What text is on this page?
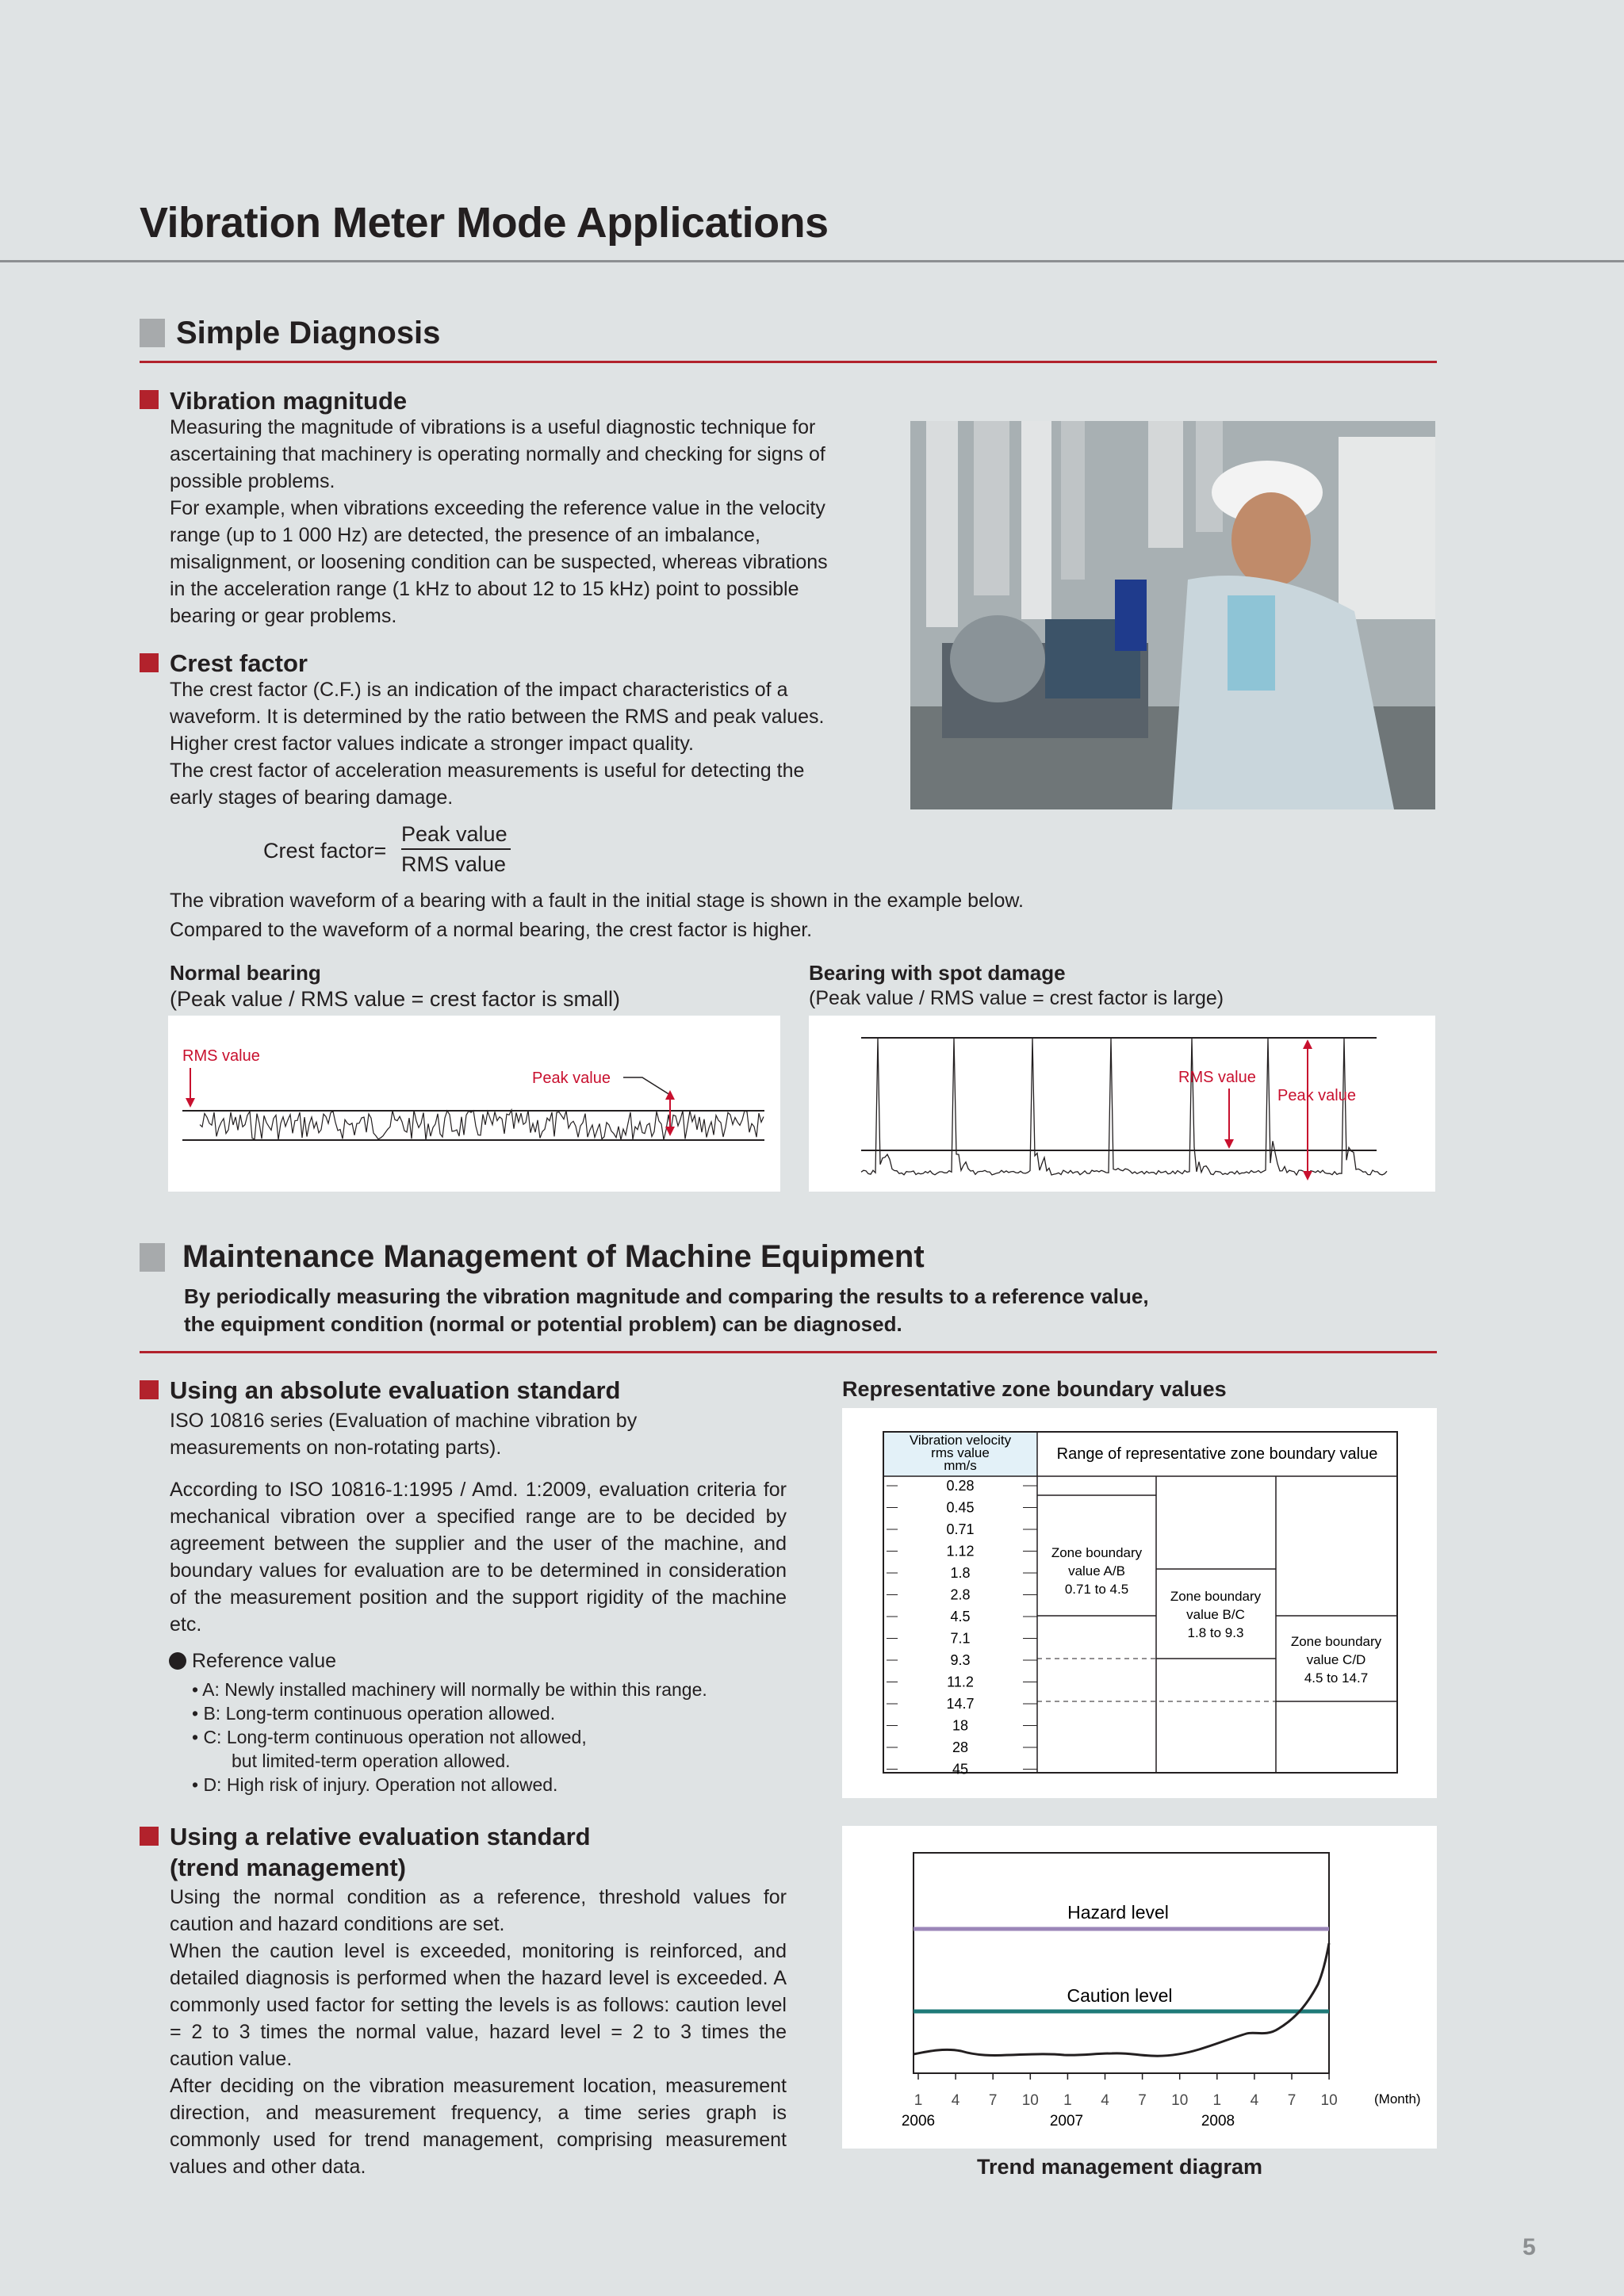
Vibration Meter Mode Applications
Simple Diagnosis
Vibration magnitude
Measuring the magnitude of vibrations is a useful diagnostic technique for
ascertaining that machinery is operating normally and checking for signs of
possible problems.
For example, when vibrations exceeding the reference value in the velocity
range (up to 1 000 Hz) are detected, the presence of an imbalance,
misalignment, or loosening condition can be suspected, whereas vibrations
in the acceleration range (1 kHz to about 12 to 15 kHz) point to possible
bearing or gear problems.
Crest factor
The crest factor (C.F.) is an indication of the impact characteristics of a
waveform. It is determined by the ratio between the RMS and peak values.
Higher crest factor values indicate a stronger impact quality.
The crest factor of acceleration measurements is useful for detecting the
early stages of bearing damage.
Crest factor=
Peak value
RMS value
The vibration waveform of a bearing with a fault in the initial stage is shown in the example below.
Compared to the waveform of a normal bearing, the crest factor is higher.
Normal bearing
(Peak value / RMS value = crest factor is small)
Bearing with spot damage
(Peak value / RMS value = crest factor is large)
RMS value
Peak value	RMS value
Peak value
Maintenance Management of Machine Equipment
By periodically measuring the vibration magnitude and comparing the results to a reference value,
the equipment condition (normal or potential problem) can be diagnosed.
Using an absolute evaluation standard
ISO 10816 series (Evaluation of machine vibration by
measurements on non-rotating parts).
According to ISO 10816-1:1995 / Amd. 1:2009, evaluation criteria for
mechanical vibration over a specified range are to be decided by
agreement between the supplier and the user of the machine, and
boundary values for evaluation are to be determined in consideration
of the measurement position and the support rigidity of the machine
etc.
Reference value
• A: Newly installed machinery will normally be within this range.
• B: Long-term continuous operation allowed.
• C: Long-term continuous operation not allowed,
but limited-term operation allowed.
• D: High risk of injury. Operation not allowed.
Using a relative evaluation standard
(trend management)
Using the normal condition as a reference, threshold values for
caution and hazard conditions are set.
When the caution level is exceeded, monitoring is reinforced, and
detailed diagnosis is performed when the hazard level is exceeded. A
commonly used factor for setting the levels is as follows: caution level
= 2 to 3 times the normal value, hazard level = 2 to 3 times the
caution value.
After deciding on the vibration measurement location, measurement
direction, and measurement frequency, a time series graph is
commonly used for trend management, comprising measurement
values and other data.
Representative zone boundary values
Vibration velocity
rms value
mm/s
Range of representative zone boundary value
0.28
0.45
0.71
1.12
1.8
2.8
4.5
7.1
9.3
11.2
14.7
18
28
45
Zone boundary
value A/B
0.71 to 4.5	Zone boundary
value B/C
1.8 to 9.3
Zone boundary
value C/D
4.5 to 14.7
Hazard level
Caution level
1 4 7 10 1 4 7 10 1 4 7 10	(Month)
2006	2007	2008
Trend management diagram
5
